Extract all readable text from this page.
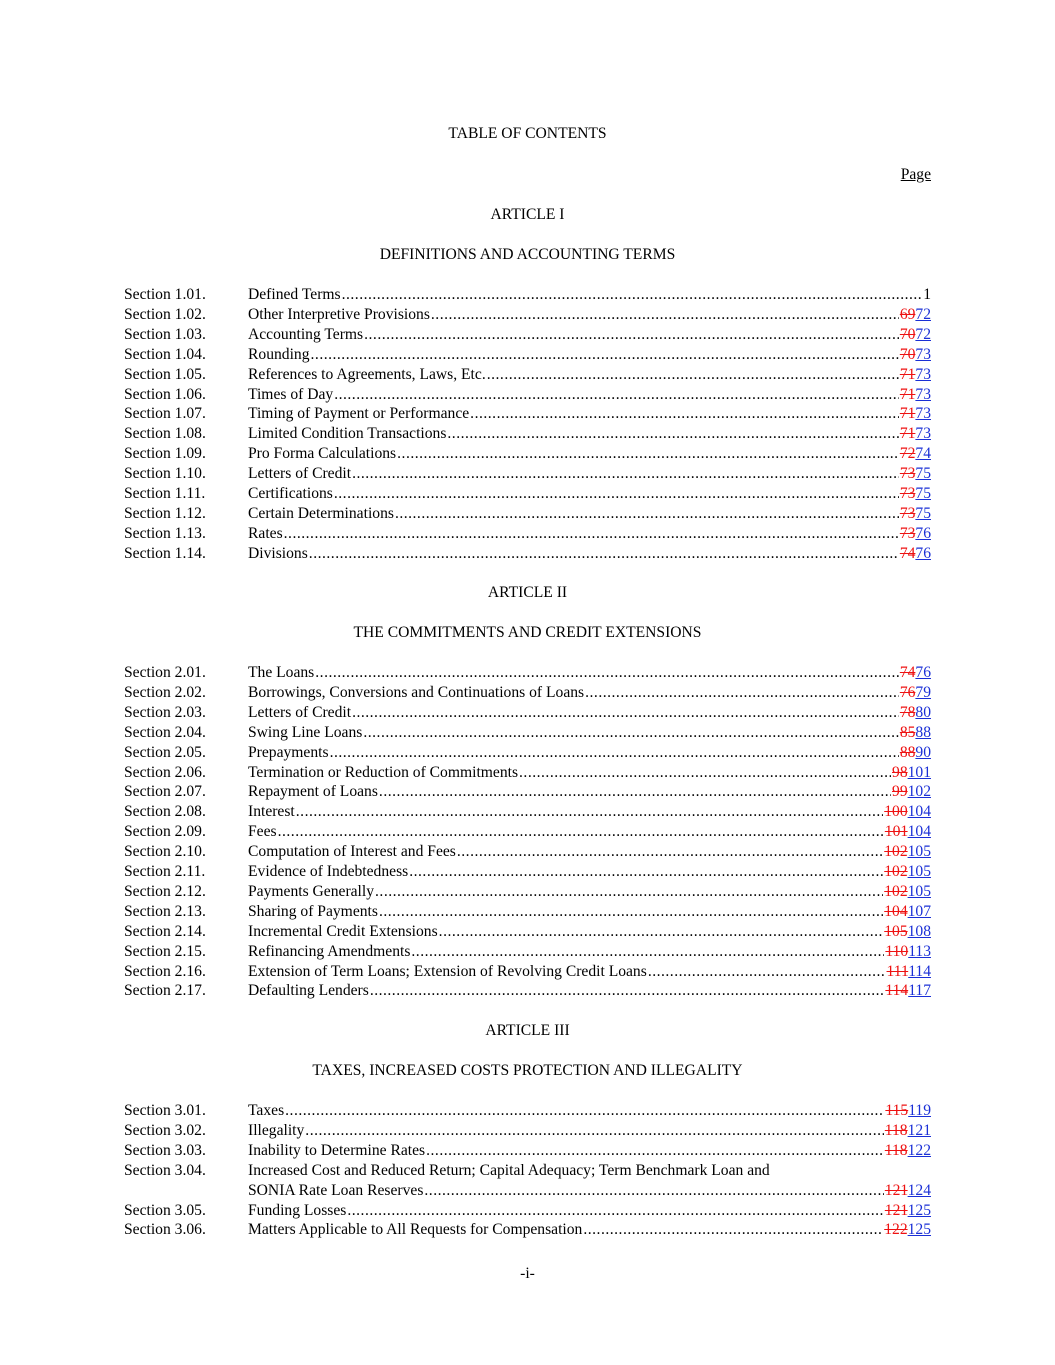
TABLE OF CONTENTS
Page
ARTICLE I
DEFINITIONS AND ACCOUNTING TERMS
Section 1.01.	Defined Terms .....	1
Section 1.02.	Other Interpretive Provisions .....	6972
Section 1.03.	Accounting Terms .....	7072
Section 1.04.	Rounding .....	7073
Section 1.05.	References to Agreements, Laws, Etc. .....	7173
Section 1.06.	Times of Day .....	7173
Section 1.07.	Timing of Payment or Performance .....	7173
Section 1.08.	Limited Condition Transactions .....	7173
Section 1.09.	Pro Forma Calculations .....	7274
Section 1.10.	Letters of Credit .....	7375
Section 1.11.	Certifications .....	7375
Section 1.12.	Certain Determinations .....	7375
Section 1.13.	Rates .....	7376
Section 1.14.	Divisions .....	7476
ARTICLE II
THE COMMITMENTS AND CREDIT EXTENSIONS
Section 2.01.	The Loans .....	7476
Section 2.02.	Borrowings, Conversions and Continuations of Loans .....	7679
Section 2.03.	Letters of Credit .....	7880
Section 2.04.	Swing Line Loans .....	8588
Section 2.05.	Prepayments .....	8890
Section 2.06.	Termination or Reduction of Commitments .....	98101
Section 2.07.	Repayment of Loans .....	99102
Section 2.08.	Interest .....	100104
Section 2.09.	Fees .....	101104
Section 2.10.	Computation of Interest and Fees .....	102105
Section 2.11.	Evidence of Indebtedness .....	102105
Section 2.12.	Payments Generally .....	102105
Section 2.13.	Sharing of Payments .....	104107
Section 2.14.	Incremental Credit Extensions .....	105108
Section 2.15.	Refinancing Amendments .....	110113
Section 2.16.	Extension of Term Loans; Extension of Revolving Credit Loans .....	111114
Section 2.17.	Defaulting Lenders .....	114117
ARTICLE III
TAXES, INCREASED COSTS PROTECTION AND ILLEGALITY
Section 3.01.	Taxes .....	115119
Section 3.02.	Illegality .....	118121
Section 3.03.	Inability to Determine Rates .....	118122
Section 3.04.	Increased Cost and Reduced Return; Capital Adequacy; Term Benchmark Loan and
SONIA Rate Loan Reserves .....	121124
Section 3.05.	Funding Losses .....	121125
Section 3.06.	Matters Applicable to All Requests for Compensation .....	122125
-i-
